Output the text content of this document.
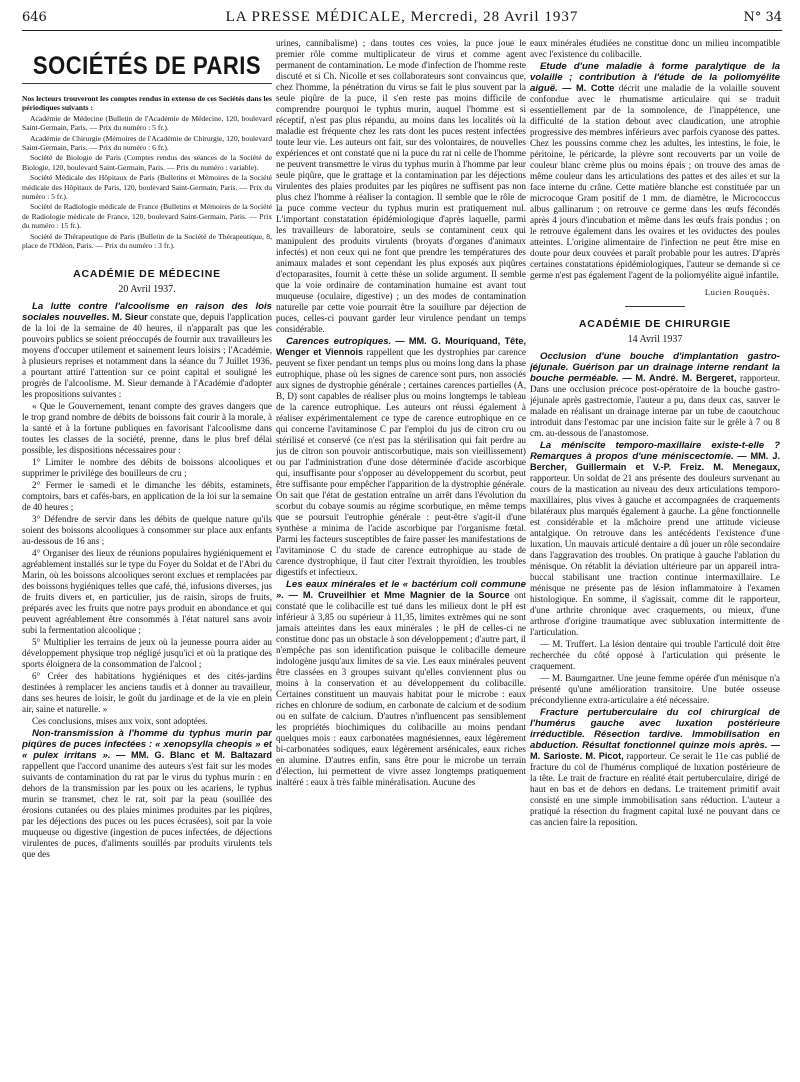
646	LA PRESSE MÉDICALE, Mercredi, 28 Avril 1937	N° 34
SOCIÉTÉS DE PARIS

Nos lecteurs trouveront les comptes rendus in extenso de ces Sociétés dans les périodiques suivants :

Académie de Médecine (Bulletin de l'Académie de Médecine, 120, boulevard Saint-Germain, Paris. — Prix du numéro : 5 fr.).

Académie de Chirurgie (Mémoires de l'Académie de Chirurgie, 120, boulevard Saint-Germain, Paris. — Prix du numéro : 6 fr.).

Société de Biologie de Paris (Comptes rendus des séances de la Société de Biologie, 120, boulevard Saint-Germain, Paris. — Prix du numéro : variable).

Société Médicale des Hôpitaux de Paris (Bulletins et Mémoires de la Société médicale des Hôpitaux de Paris, 120, boulevard Saint-Germain, Paris. — Prix du numéro : 5 fr.).

Société de Radiologie médicale de France (Bulletins et Mémoires de la Société de Radiologie médicale de France, 120, boulevard Saint-Germain, Paris. — Prix du numéro : 15 fr.).

Société de Thérapeutique de Paris (Bulletin de la Société de Thérapeutique, 8, place de l'Odéon, Paris. — Prix du numéro : 3 fr.).

ACADÉMIE DE MÉDECINE
20 Avril 1937.

La lutte contre l'alcoolisme en raison des lois sociales nouvelles. M. Sieur constate que, depuis l'application de la loi de la semaine de 40 heures, il n'apparaît pas que les pouvoirs publics se soient préoccupés de fournir aux travailleurs les moyens d'occuper utilement et sainement leurs loisirs ; l'Académie, à plusieurs reprises et notamment dans la séance du 7 Juillet 1936, a pourtant attiré l'attention sur ce point capital et souligné les progrès de l'alcoolisme. M. Sieur demande à l'Académie d'adopter les propositions suivantes :

« Que le Gouvernement, tenant compte des graves dangers que le trop grand nombre de débits de boissons fait courir à la morale, à la santé et à la fortune publiques en favorisant l'alcoolisme dans toutes les classes de la société, prenne, dans le plus bref délai possible, les dispositions nécessaires pour :

1° Limiter le nombre des débits de boissons alcooliques et supprimer le privilège des bouilleurs de cru ;

2° Fermer le samedi et le dimanche les débits, estaminets, comptoirs, bars et cafés-bars, en application de la loi sur la semaine de 40 heures ;

3° Défendre de servir dans les débits de quelque nature qu'ils soient des boissons alcooliques à consommer sur place aux enfants au-dessous de 16 ans ;

4° Organiser des lieux de réunions populaires hygiéniquement et agréablement installés sur le type du Foyer du Soldat et de l'Abri du Marin, où les boissons alcooliques seront exclues et remplacées par des boissons hygiéniques telles que café, thé, infusions diverses, jus de fruits divers et, en particulier, jus de raisin, sirops de fruits, préparés avec les fruits que notre pays produit en abondance et qui peuvent agréablement être consommés à l'état naturel sans avoir subi la fermentation alcoolique ;

5° Multiplier les terrains de jeux où la jeunesse pourra aider au développement physique trop négligé jusqu'ici et où la pratique des sports éloignera de la consommation de l'alcool ;

6° Créer des habitations hygiéniques et des cités-jardins destinées à remplacer les anciens taudis et à donner au travailleur, dans ses heures de loisir, le goût du jardinage et de la vie en plein air, saine et naturelle. »

Ces conclusions, mises aux voix, sont adoptées.

Non-transmission à l'homme du typhus murin par piqûres de puces infectées : « xenopsylla cheopis » et « pulex irritans ». — MM. G. Blanc et M. Baltazard rappellent que l'accord unanime des auteurs s'est fait sur les modes suivants de contamination du rat par le virus du typhus murin : en dehors de la transmission par les poux ou les acariens, le typhus murin se transmet, chez le rat, soit par la peau (souillée des érosions cutanées ou des plaies minimes produites par les piqûres, par les déjections des puces ou les puces écrasées), soit par la voie muqueuse ou digestive (ingestion de puces infectées, de déjections virulentes de puces, d'aliments souillés par produits virulents tels que des

urines, cannibalisme) ; dans toutes ces voies, la puce joue le premier rôle comme multiplicateur de virus et comme agent permanent de contamination. Le mode d'infection de l'homme reste discuté et si Ch. Nicolle et ses collaborateurs sont convaincus que, chez l'homme, la pénétration du virus se fait le plus souvent par la seule piqûre de la puce, il s'en reste pas moins difficile de comprendre pourquoi le typhus murin, auquel l'homme est si réceptif, n'est pas plus répandu, au moins dans les localités où la maladie est fréquente chez les rats dont les puces restent infectées toute leur vie. Les auteurs ont fait, sur des volontaires, de nouvelles expériences et ont constaté que ni la puce du rat ni celle de l'homme ne peuvent transmettre le virus du typhus murin à l'homme par leur seule piqûre, que le grattage et la contamination par les déjections virulentes des plaies produites par les piqûres ne suffisent pas non plus chez l'homme à réaliser la contagion. Il semble que le rôle de la puce comme vecteur du typhus murin est pratiquement nul. L'important constatation épidémiologique d'après laquelle, parmi les travailleurs de laboratoire, seuls se contaminent ceux qui manipulent des produits virulents (broyats d'organes d'animaux infectés) et non ceux qui ne font que prendre les températures des animaux malades et sont cependant les plus exposés aux piqûres d'ectoparasites, fournit à cette thèse un solide argument. Il semble que la voie ordinaire de contamination humaine est avant tout muqueuse (oculaire, digestive) ; un des modes de contamination naturelle par cette voie pourrait être la souillure par déjection de puces, celles-ci pouvant garder leur virulence pendant un temps considérable.

Carences eutropiques. — MM. G. Mouriquand, Tête, Wenger et Viennois rappellent que les dystrophies par carence peuvent se fixer pendant un temps plus ou moins long dans la phase eutrophique, phase où les signes de carence sont purs, non associés aux signes de dystrophie générale ; certaines carences partielles (A, B, D) sont capables de réaliser plus ou moins longtemps le tableau de la carence eutrophique. Les auteurs ont réussi également à réaliser expérimentalement ce type de carence eutrophique en ce qui concerne l'avitaminose C par l'emploi du jus de citron cru ou stérilisé et conservé (ce n'est pas la stérilisation qui fait perdre au jus de citron son pouvoir antiscorbutique, mais son vieillissement) ou par l'administration d'une dose déterminée d'acide ascorbique qui, insuffisante pour s'opposer au développement du scorbut, peut être suffisante pour empêcher l'apparition de la dystrophie générale. On sait que l'état de gestation entraîne un arrêt dans l'évolution du scorbut du cobaye soumis au régime scorbutique, en même temps que se poursuit l'eutrophie générale : peut-être s'agit-il d'une synthèse a minima de l'acide ascorbique par l'organisme fœtal. Parmi les facteurs susceptibles de faire passer les manifestations de l'avitaminose C du stade de carence eutrophique au stade de carence dystrophique, il faut citer l'extrait thyroïdien, les troubles digestifs et infectieux.

Les eaux minérales et le « bactérium coli commune ». — M. Cruveilhier et Mme Magnier de la Source ont constaté que le colibacille est tué dans les milieux dont le pH est inférieur à 3,85 ou supérieur à 11,35, limites extrêmes qui ne sont jamais atteintes dans les eaux minérales ; le pH de celles-ci ne constitue donc pas un obstacle à son développement ; d'autre part, il n'empêche pas son identification puisque le colibacille demeure indologène jusqu'aux limites de sa vie. Les eaux minérales peuvent être classées en 3 groupes suivant qu'elles conviennent plus ou moins à la conservation et au développement du colibacille. Certaines constituent un mauvais habitat pour le microbe : eaux riches en chlorure de sodium, en carbonate de calcium et de sodium ou en sulfate de calcium. D'autres n'influencent pas sensiblement les propriétés biochimiques du colibacille au moins pendant quelques mois : eaux carbonatées magnésiennes, eaux légèrement bi-carbonatées sodiques, eaux légèrement arsénicales, eaux riches en alumine. D'autres enfin, sans être pour le microbe un terrain d'élection, lui permettent de vivre assez longtemps pratiquement inaltéré : eaux à très faible minéralisation. Aucune des

eaux minérales étudiées ne constitue donc un milieu incompatible avec l'existence du colibacille.

Etude d'une maladie à forme paralytique de la volaille ; contribution à l'étude de la poliomyélite aiguë. — M. Cotte décrit une maladie de la volaille souvent confondue avec le rhumatisme articulaire qui se traduit essentiellement par de la somnolence, de l'inappétence, une difficulté de la station debout avec claudication, une atrophie progressive des membres inférieurs avec parfois cyanose des pattes. Chez les poussins comme chez les adultes, les intestins, le foie, le péritoine, le péricarde, la plèvre sont recouverts par un voile de couleur blanc crème plus ou moins épais ; on trouve des amas de même couleur dans les articulations des pattes et des ailes et sur la face interne du crâne. Cette matière blanche est constituée par un microcoque Gram positif de 1 mm. de diamètre, le Micrococcus albus gallinarum ; on retrouve ce germe dans les œufs fécondés après 4 jours d'incubation et même dans les œufs frais pondus ; on le retrouve également dans les ovaires et les oviductes des poules atteintes. L'origine alimentaire de l'infection ne peut être mise en doute pour deux couvées et paraît probable pour les autres. D'après certaines constatations épidémiologiques, l'auteur se demande si ce germe n'est pas également l'agent de la poliomyélite aiguë infantile.

Lucien Rouquès.
ACADÉMIE DE CHIRURGIE
14 Avril 1937

Occlusion d'une bouche d'implantation gastro-jéjunale. Guérison par un drainage interne rendant la bouche perméable. — M. André. M. Bergeret, rapporteur. Dans une occlusion précoce post-opératoire de la bouche gastro-jéjunale après gastrectomie, l'auteur a pu, dans deux cas, sauver le malade en réalisant un drainage interne par un tube de caoutchouc introduit dans l'estomac par une incision faite sur le grêle à 7 ou 8 cm. au-dessous de l'anastomose.

La méniscite temporo-maxillaire existe-t-elle ? Remarques à propos d'une méniscectomie. — MM. J. Bercher, Guillermain et V.-P. Freiz. M. Menegaux, rapporteur. Un soldat de 21 ans présente des douleurs survenant au cours de la mastication au niveau des deux articulations temporo-maxillaires, plus vives à gauche et accompagnées de craquements bilatéraux plus marqués également à gauche. La gêne fonctionnelle est considérable et la mâchoire prend une attitude vicieuse antalgique. On retrouve dans les antécédents l'existence d'une luxation. Un mauvais articulé dentaire a dû jouer un rôle secondaire dans l'aggravation des troubles. On pratique à gauche l'ablation du ménisque. On rétablit la déviation ultérieure par un appareil intra-buccal stabilisant une traction continue intermaxillaire. Le ménisque ne présente pas de lésion inflammatoire à l'examen histologique. En somme, il s'agissait, comme dit le rapporteur, d'une arthrite chronique avec craquements, ou mieux, d'une arthrose d'origine traumatique avec subluxation intermittente de l'articulation.

— M. Truffert. La lésion dentaire qui trouble l'articulé doit être recherchée du côté opposé à l'articulation qui présente le craquement.

— M. Baumgartner. Une jeune femme opérée d'un ménisque n'a présenté qu'une amélioration transitoire. Une butée osseuse précondylienne extra-articulaire a été nécessaire.

Fracture pertuberculaire du col chirurgical de l'humérus gauche avec luxation postérieure irréductible. Résection tardive. Immobilisation en abduction. Résultat fonctionnel quinze mois après. — M. Sarioste. M. Picot, rapporteur. Ce serait le 11e cas publié de fracture du col de l'humérus compliqué de luxation postérieure de la tête. Le trait de fracture en réalité était pertuberculaire, dirigé de haut en bas et de dehors en dedans. Le traitement primitif avait consisté en une simple immobilisation sans réduction. L'auteur a pratiqué la résection du fragment capital luxé ne pouvant dans ce cas ancien faire la reposition.
